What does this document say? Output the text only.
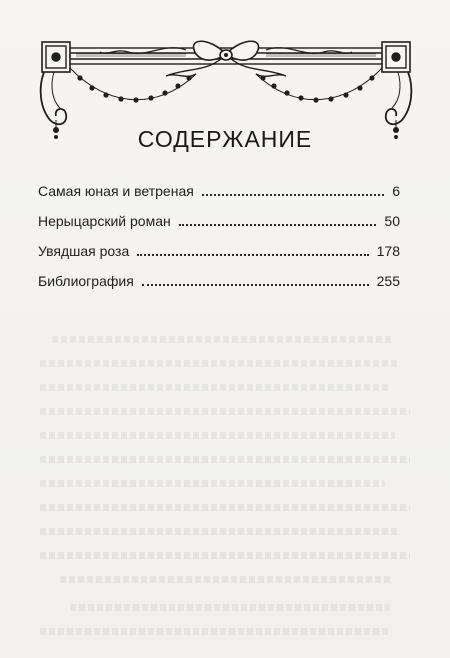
СОДЕРЖАНИЕ
Самая юная и ветреная	6
Нерыцарский роман	50
Увядшая роза	178
Библиография	255
